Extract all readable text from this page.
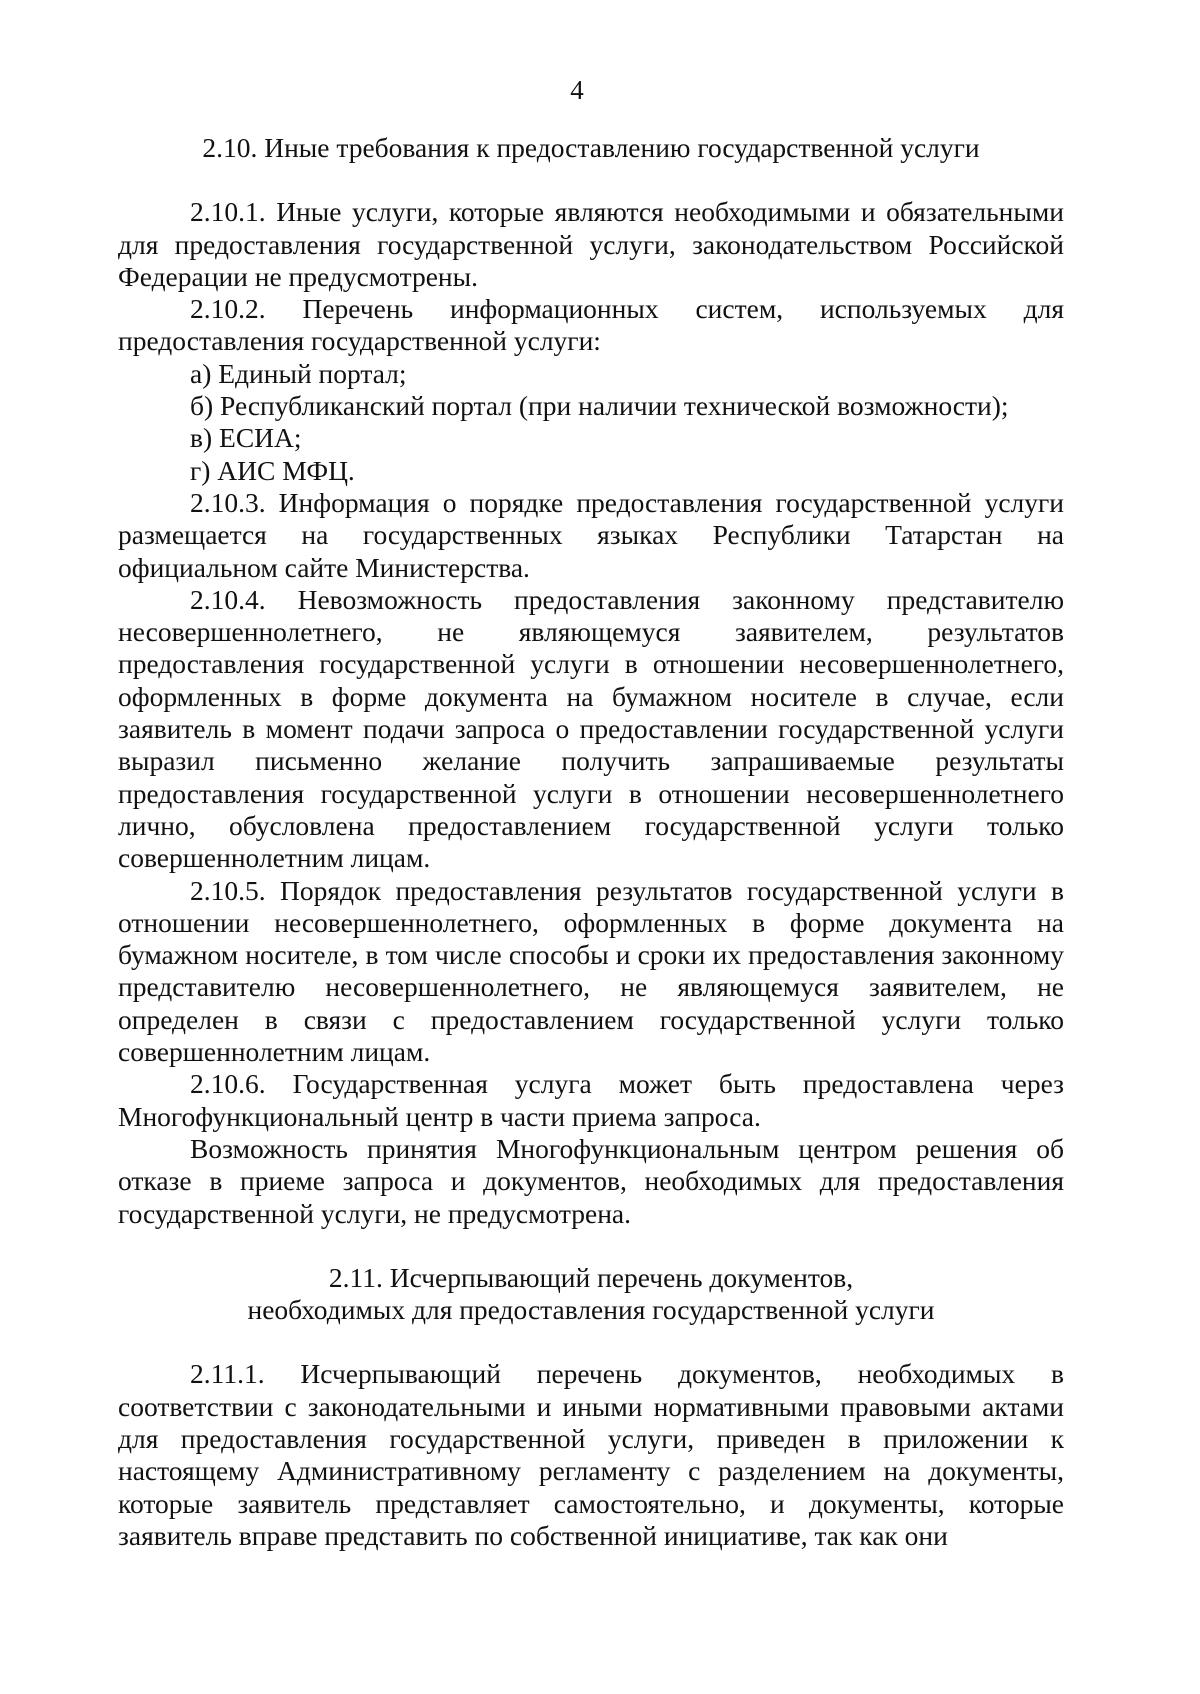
4
2.10. Иные требования к предоставлению государственной услуги

2.10.1. Иные услуги, которые являются необходимыми и обязательными для предоставления государственной услуги, законодательством Российской Федерации не предусмотрены.

2.10.2. Перечень информационных систем, используемых для предоставления государственной услуги:

а) Единый портал;

б) Республиканский портал (при наличии технической возможности);

в) ЕСИА;

г) АИС МФЦ.

2.10.3. Информация о порядке предоставления государственной услуги размещается на государственных языках Республики Татарстан на официальном сайте Министерства.

2.10.4. Невозможность предоставления законному представителю несовершеннолетнего, не являющемуся заявителем, результатов предоставления государственной услуги в отношении несовершеннолетнего, оформленных в форме документа на бумажном носителе в случае, если заявитель в момент подачи запроса о предоставлении государственной услуги выразил письменно желание получить запрашиваемые результаты предоставления государственной услуги в отношении несовершеннолетнего лично, обусловлена предоставлением государственной услуги только совершеннолетним лицам.

2.10.5. Порядок предоставления результатов государственной услуги в отношении несовершеннолетнего, оформленных в форме документа на бумажном носителе, в том числе способы и сроки их предоставления законному представителю несовершеннолетнего, не являющемуся заявителем, не определен в связи с предоставлением государственной услуги только совершеннолетним лицам.

2.10.6. Государственная услуга может быть предоставлена через Многофункциональный центр в части приема запроса.

Возможность принятия Многофункциональным центром решения об отказе в приеме запроса и документов, необходимых для предоставления государственной услуги, не предусмотрена.

2.11. Исчерпывающий перечень документов,
необходимых для предоставления государственной услуги

2.11.1. Исчерпывающий перечень документов, необходимых в соответствии с законодательными и иными нормативными правовыми актами для предоставления государственной услуги, приведен в приложении к настоящему Административному регламенту с разделением на документы, которые заявитель представляет самостоятельно, и документы, которые заявитель вправе представить по собственной инициативе, так как они
